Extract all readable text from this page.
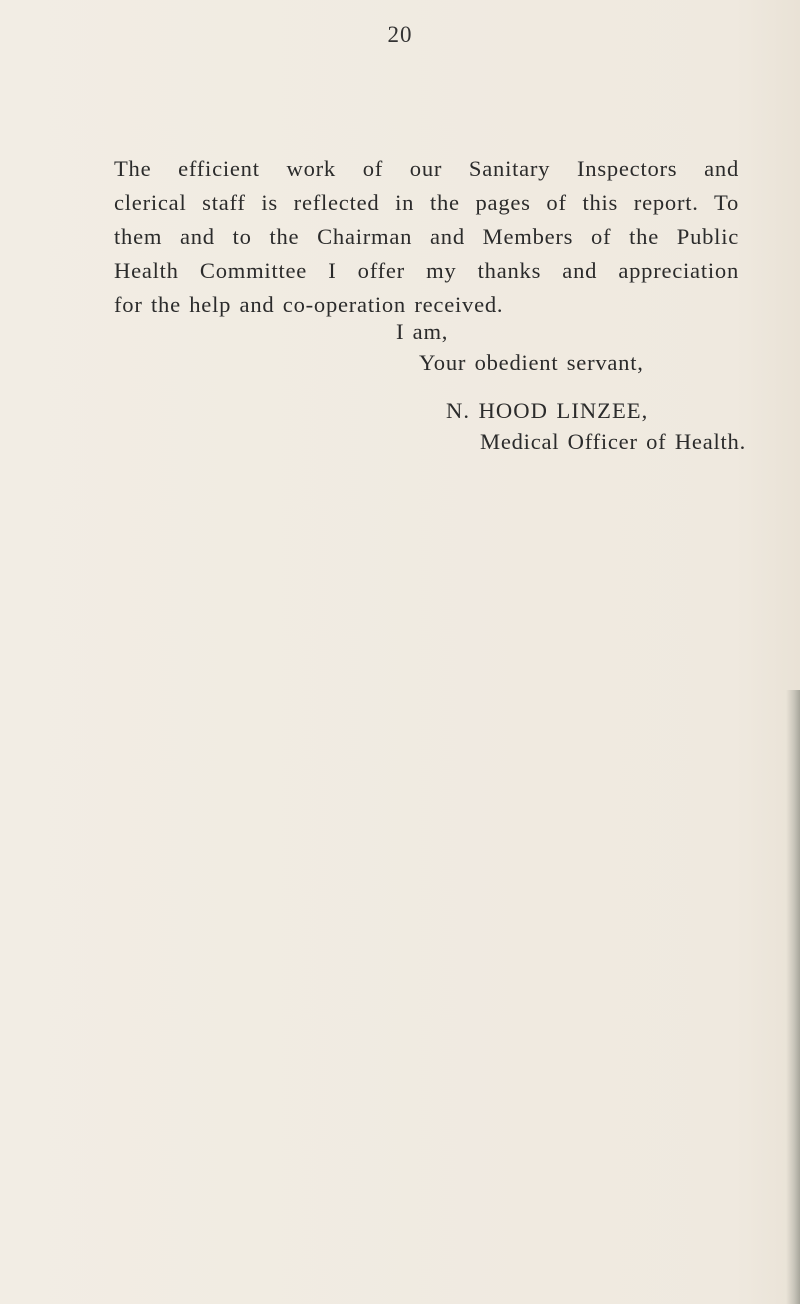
20
The efficient work of our Sanitary Inspectors and
clerical staff is reflected in the pages of this report. To
them and to the Chairman and Members of the Public
Health Committee I offer my thanks and appreciation
for the help and co-operation received.
I am,
Your obedient servant,
N. HOOD LINZEE,
Medical Officer of Health.
